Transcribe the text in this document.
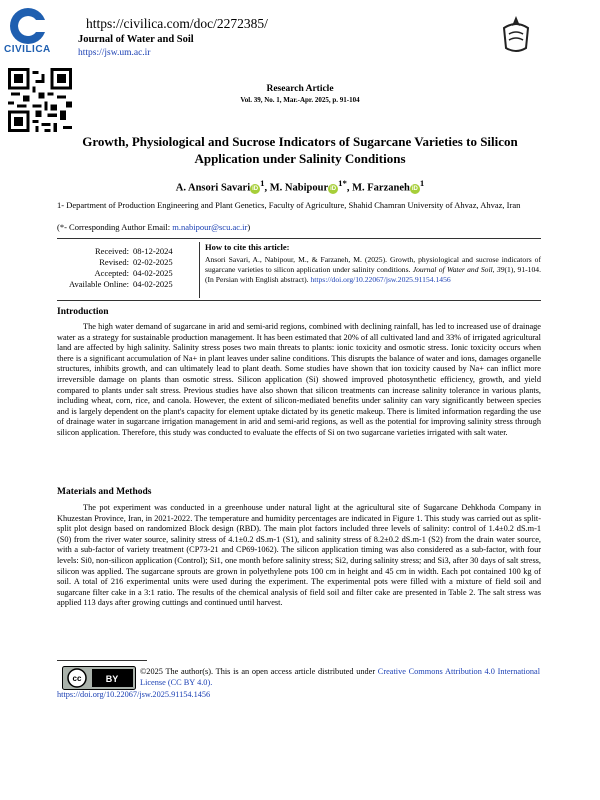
CIVILICA
https://civilica.com/doc/2272385/
Journal of Water and Soil
https://jsw.um.ac.ir
Research Article
Vol. 39, No. 1, Mar.-Apr. 2025, p. 91-104
Growth, Physiological and Sucrose Indicators of Sugarcane Varieties to Silicon Application under Salinity Conditions
A. Ansori Savari $iD^1$, M. Nabipour $iD^{1*}$, M. Farzaneh $iD^1$
1- Department of Production Engineering and Plant Genetics, Faculty of Agriculture, Shahid Chamran University of Ahvaz, Ahvaz, Iran
(*- Corresponding Author Email: m.nabipour@scu.ac.ir)
Received: 08-12-2024
Revised: 02-02-2025
Accepted: 04-02-2025
Available Online: 04-02-2025
How to cite this article:
Ansori Savari, A., Nabipour, M., & Farzaneh, M. (2025). Growth, physiological and sucrose indicators of sugarcane varieties to silicon application under salinity conditions. Journal of Water and Soil, 39(1), 91-104. (In Persian with English abstract). https://doi.org/10.22067/jsw.2025.91154.1456
Introduction

The high water demand of sugarcane in arid and semi-arid regions, combined with declining rainfall, has led to increased use of drainage water as a strategy for sustainable production management. It has been estimated that 20% of all cultivated land and 33% of irrigated agricultural land are affected by high salinity. Salinity stress poses two main threats to plants: ionic toxicity and osmotic stress. Ionic toxicity occurs when there is a significant accumulation of Na+ in plant leaves under saline conditions. This disrupts the balance of water and ions, damages organelle structures, inhibits growth, and can ultimately lead to plant death. Some studies have shown that ion toxicity caused by Na+ can inflict more irreversible damage on plants than osmotic stress. Silicon application (Si) showed improved photosynthetic efficiency, growth, and yield compared to plants under salt stress. Previous studies have also shown that silicon treatments can increase salinity tolerance in various plants, including wheat, corn, rice, and canola. However, the extent of silicon-mediated benefits under salinity can vary significantly between species and is largely dependent on the plant's capacity for element uptake dictated by its genetic makeup. There is limited information regarding the use of drainage water in sugarcane irrigation management in arid and semi-arid regions, as well as the potential for improving salinity stress through silicon application. Therefore, this study was conducted to evaluate the effects of Si on two sugarcane varieties irrigated with salt water.

Materials and Methods

The pot experiment was conducted in a greenhouse under natural light at the agricultural site of Sugarcane Dehkhoda Company in Khuzestan Province, Iran, in 2021-2022. The temperature and humidity percentages are indicated in Figure 1. This study was carried out as split-split plot design based on randomized Block design (RBD). The main plot factors included three levels of salinity: control of 1.4±0.2 dS.m-1 (S0) from the river water source, salinity stress of 4.1±0.2 dS.m-1 (S1), and salinity stress of 8.2±0.2 dS.m-1 (S2) from the drain water source, with a sub-factor of variety treatment (CP73-21 and CP69-1062). The silicon application timing was also considered as a sub-factor, with four levels: Si0, non-silicon application (Control); Si1, one month before salinity stress; Si2, during salinity stress; and Si3, after 30 days of salt stress, silicon was applied. The sugarcane sprouts are grown in polyethylene pots 100 cm in height and 45 cm in width. Each pot contained 100 kg of soil. A total of 216 experimental units were used during the experiment. The experimental pots were filled with a mixture of field soil and sugarcane filter cake in a 3:1 ratio. The results of the chemical analysis of field soil and filter cake are presented in Table 2. The salt stress was applied 113 days after growing cuttings and continued until harvest.

cc	BY
©2025 The author(s). This is an open access article distributed under Creative Commons Attribution 4.0 International License (CC BY 4.0).
https://doi.org/10.22067/jsw.2025.91154.1456
